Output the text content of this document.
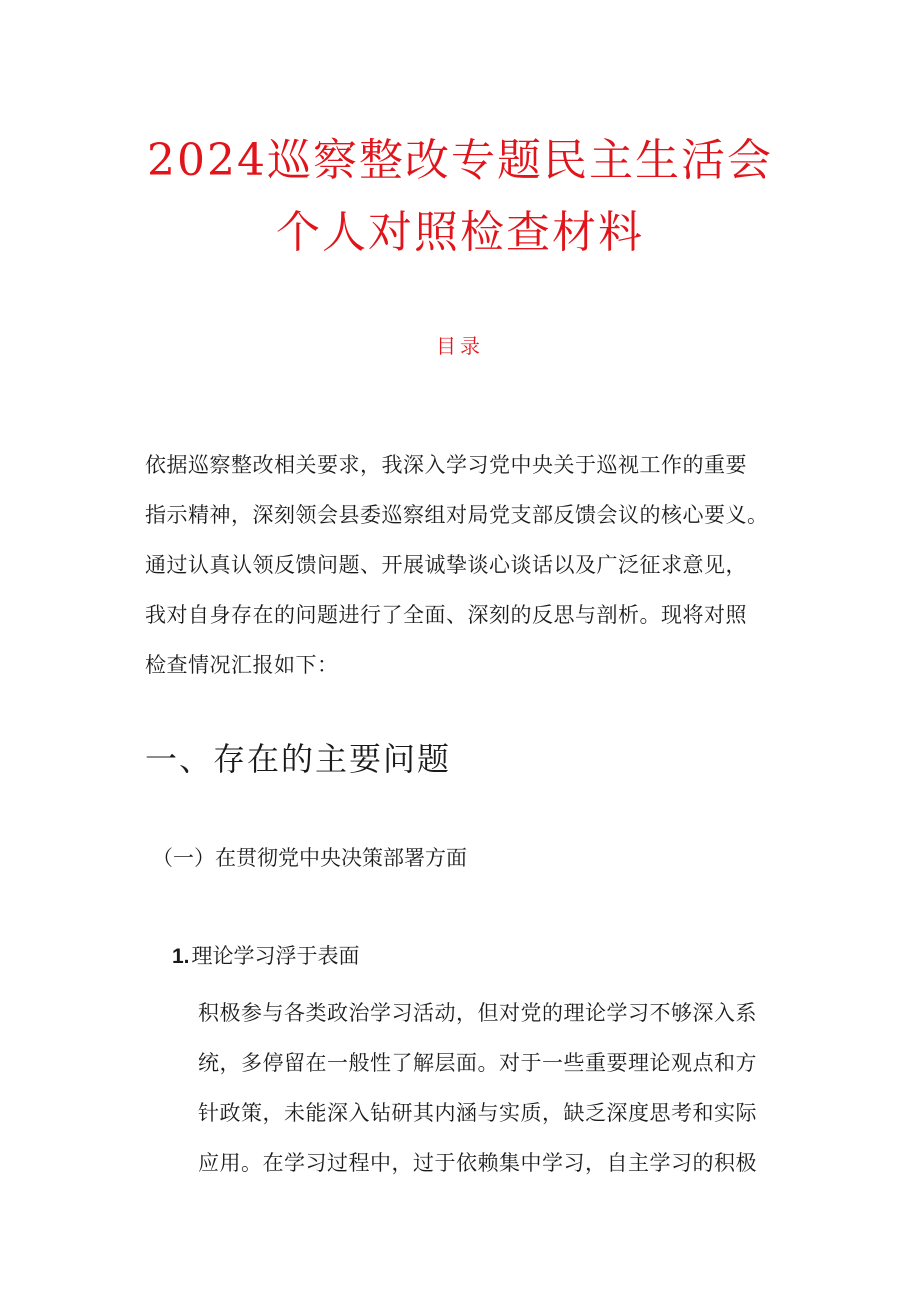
2024巡察整改专题民主生活会
个人对照检查材料
目录
依据巡察整改相关要求，我深入学习党中央关于巡视工作的重要
指示精神，深刻领会县委巡察组对局党支部反馈会议的核心要义。
通过认真认领反馈问题、开展诚挚谈心谈话以及广泛征求意见，
我对自身存在的问题进行了全面、深刻的反思与剖析。现将对照
检查情况汇报如下：
一、存在的主要问题
（一）在贯彻党中央决策部署方面
1.理论学习浮于表面
积极参与各类政治学习活动，但对党的理论学习不够深入系
统，多停留在一般性了解层面。对于一些重要理论观点和方
针政策，未能深入钻研其内涵与实质，缺乏深度思考和实际
应用。在学习过程中，过于依赖集中学习，自主学习的积极
